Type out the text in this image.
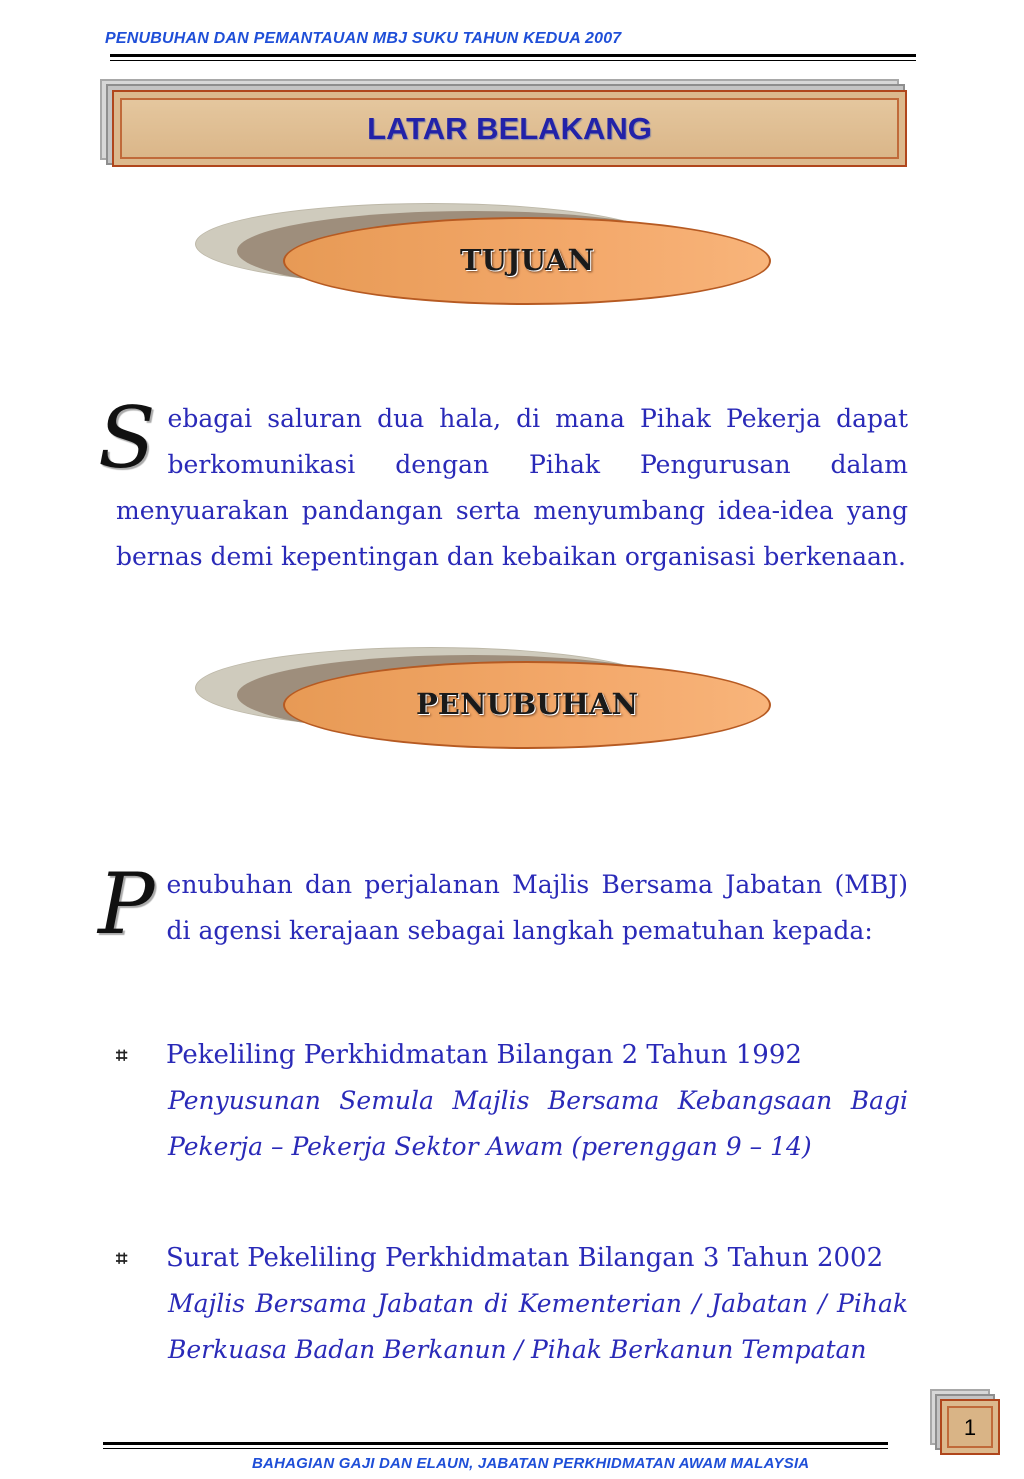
PENUBUHAN DAN PEMANTAUAN MBJ SUKU TAHUN KEDUA 2007
LATAR BELAKANG
TUJUAN

Sebagai saluran dua hala, di mana Pihak Pekerja dapat berkomunikasi dengan Pihak Pengurusan dalam menyuarakan pandangan serta menyumbang idea-idea yang bernas demi kepentingan dan kebaikan organisasi berkenaan.

PENUBUHAN

Penubuhan dan perjalanan Majlis Bersama Jabatan (MBJ) di agensi kerajaan sebagai langkah pematuhan kepada:

⌗	Pekeliling Perkhidmatan Bilangan 2 Tahun 1992

Penyusunan Semula Majlis Bersama Kebangsaan Bagi Pekerja – Pekerja Sektor Awam (perenggan 9 – 14)

⌗	Surat Pekeliling Perkhidmatan Bilangan 3 Tahun 2002

Majlis Bersama Jabatan di Kementerian / Jabatan / Pihak Berkuasa Badan Berkanun / Pihak Berkanun Tempatan

1
BAHAGIAN GAJI DAN ELAUN, JABATAN PERKHIDMATAN AWAM MALAYSIA
